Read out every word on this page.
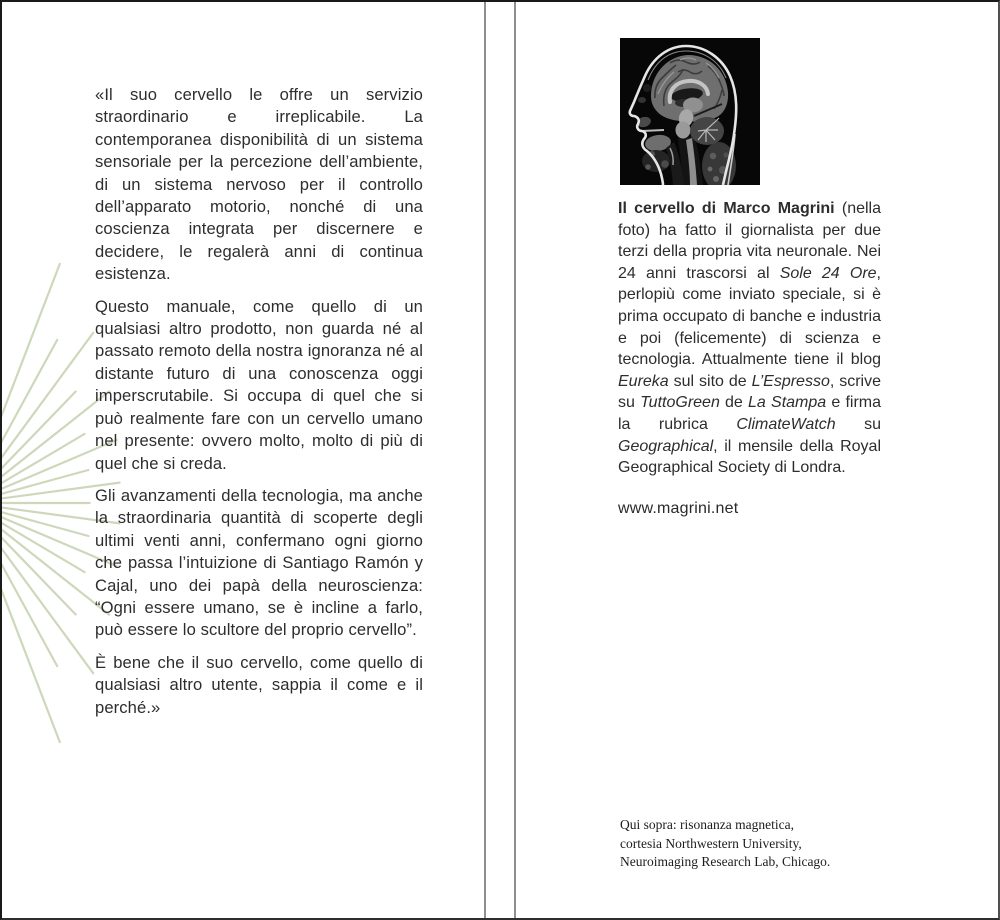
«Il suo cervello le offre un servizio straordinario e irreplicabile. La contemporanea disponibilità di un sistema sensoriale per la percezione dell’ambiente, di un sistema nervoso per il controllo dell’apparato motorio, nonché di una coscienza integrata per discernere e decidere, le regalerà anni di continua esistenza.

Questo manuale, come quello di un qualsiasi altro prodotto, non guarda né al passato remoto della nostra ignoranza né al distante futuro di una conoscenza oggi imperscrutabile. Si occupa di quel che si può realmente fare con un cervello umano nel presente: ovvero molto, molto di più di quel che si creda.

Gli avanzamenti della tecnologia, ma anche la straordinaria quantità di scoperte degli ultimi venti anni, confermano ogni giorno che passa l’intuizione di Santiago Ramón y Cajal, uno dei papà della neuroscienza: “Ogni essere umano, se è incline a farlo, può essere lo scultore del proprio cervello”.

È bene che il suo cervello, come quello di qualsiasi altro utente, sappia il come e il perché.»

Il cervello di Marco Magrini (nella foto) ha fatto il giornalista per due terzi della propria vita neuronale. Nei 24 anni trascorsi al Sole 24 Ore, perlopiù come inviato speciale, si è prima occupato di banche e industria e poi (felicemente) di scienza e tecnologia. Attualmente tiene il blog Eureka sul sito de L’Espresso, scrive su TuttoGreen de La Stampa e firma la rubrica ClimateWatch su Geographical, il mensile della Royal Geographical Society di Londra.
www.magrini.net
Qui sopra: risonanza magnetica,
cortesia Northwestern University,
Neuroimaging Research Lab, Chicago.
